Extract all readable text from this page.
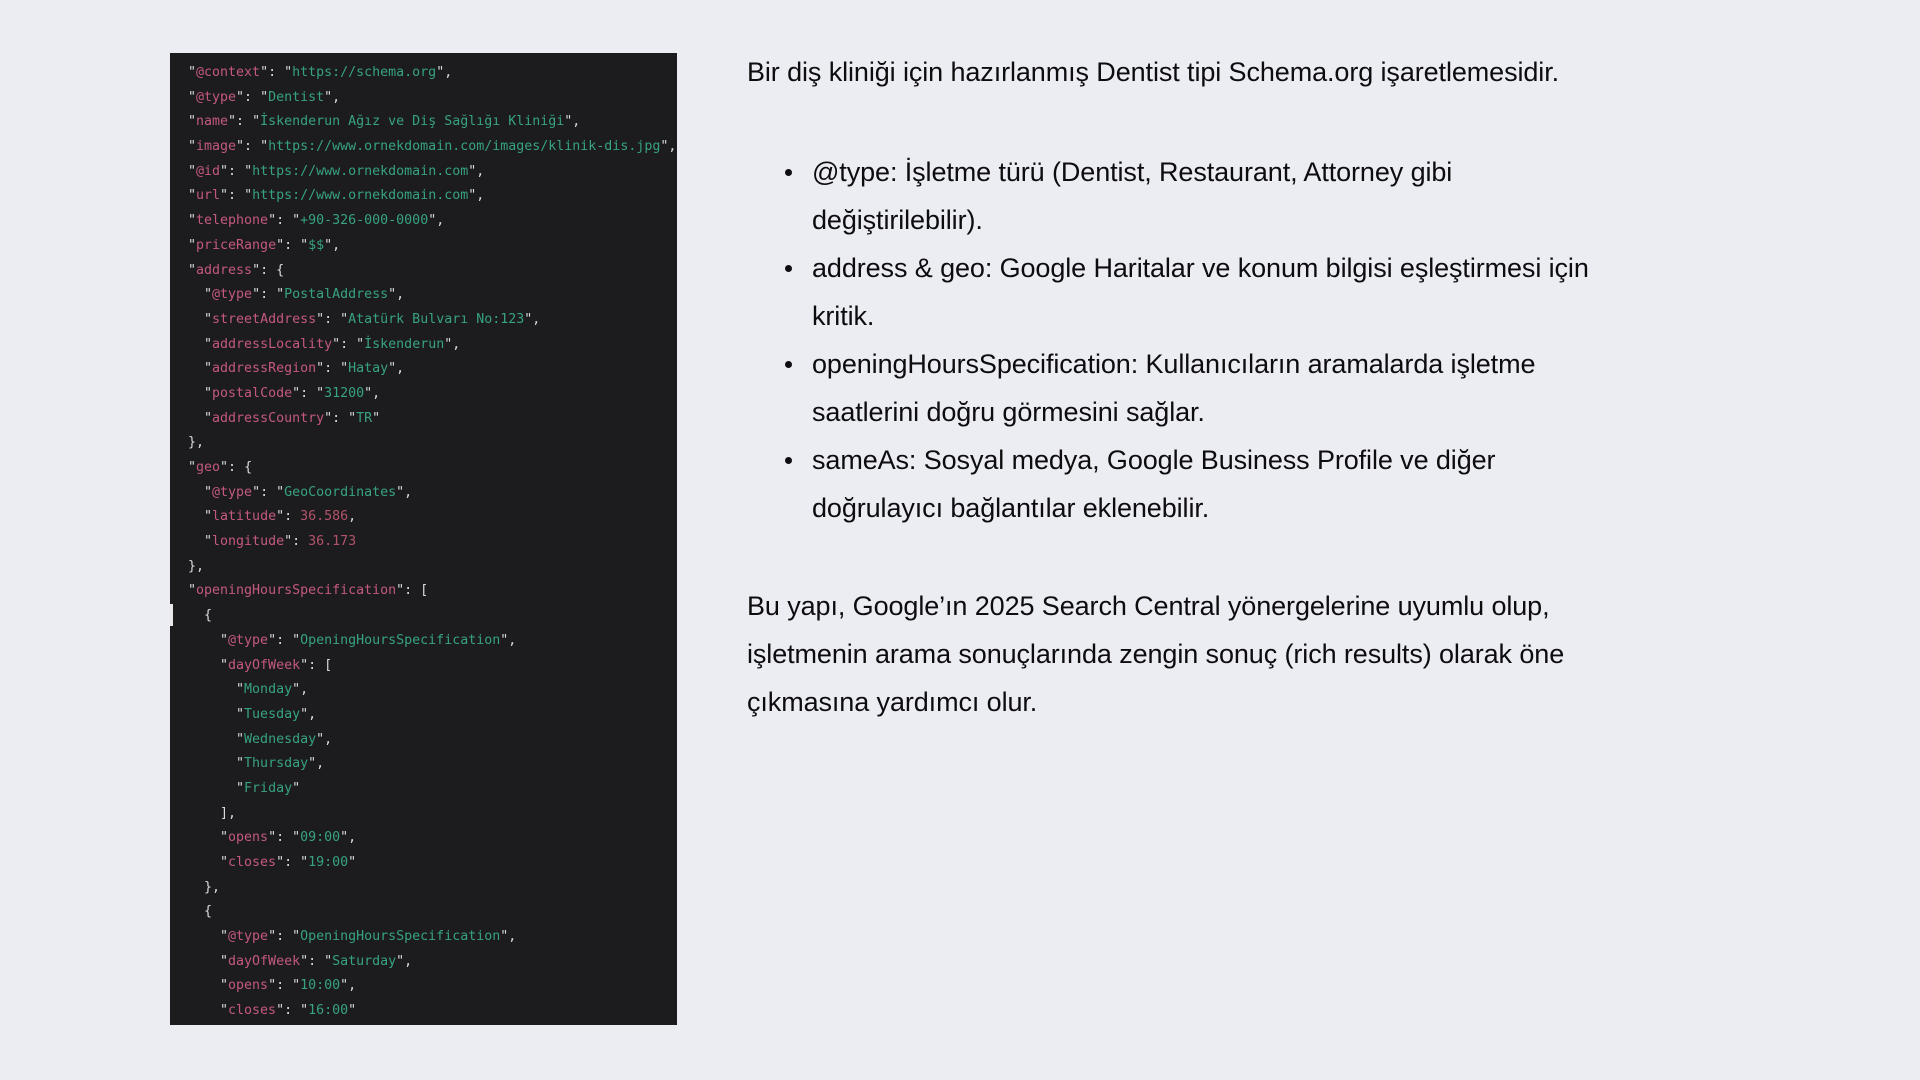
"@context": "https://schema.org",
"@type": "Dentist",
"name": "İskenderun Ağız ve Diş Sağlığı Kliniği",
"image": "https://www.ornekdomain.com/images/klinik-dis.jpg",
"@id": "https://www.ornekdomain.com",
"url": "https://www.ornekdomain.com",
"telephone": "+90-326-000-0000",
"priceRange": "$$",
"address": {
"@type": "PostalAddress",
"streetAddress": "Atatürk Bulvarı No:123",
"addressLocality": "İskenderun",
"addressRegion": "Hatay",
"postalCode": "31200",
"addressCountry": "TR"
},
"geo": {
"@type": "GeoCoordinates",
"latitude": 36.586,
"longitude": 36.173
},
"openingHoursSpecification": [
{
"@type": "OpeningHoursSpecification",
"dayOfWeek": [
"Monday",
"Tuesday",
"Wednesday",
"Thursday",
"Friday"
],
"opens": "09:00",
"closes": "19:00"
},
{
"@type": "OpeningHoursSpecification",
"dayOfWeek": "Saturday",
"opens": "10:00",
"closes": "16:00"

Bir diş kliniği için hazırlanmış Dentist tipi Schema.org işaretlemesidir.

@type: İşletme türü (Dentist, Restaurant, Attorney gibi
değiştirilebilir).
address & geo: Google Haritalar ve konum bilgisi eşleştirmesi için
kritik.
openingHoursSpecification: Kullanıcıların aramalarda işletme
saatlerini doğru görmesini sağlar.
sameAs: Sosyal medya, Google Business Profile ve diğer
doğrulayıcı bağlantılar eklenebilir.

Bu yapı, Google’ın 2025 Search Central yönergelerine uyumlu olup,
işletmenin arama sonuçlarında zengin sonuç (rich results) olarak öne
çıkmasına yardımcı olur.
